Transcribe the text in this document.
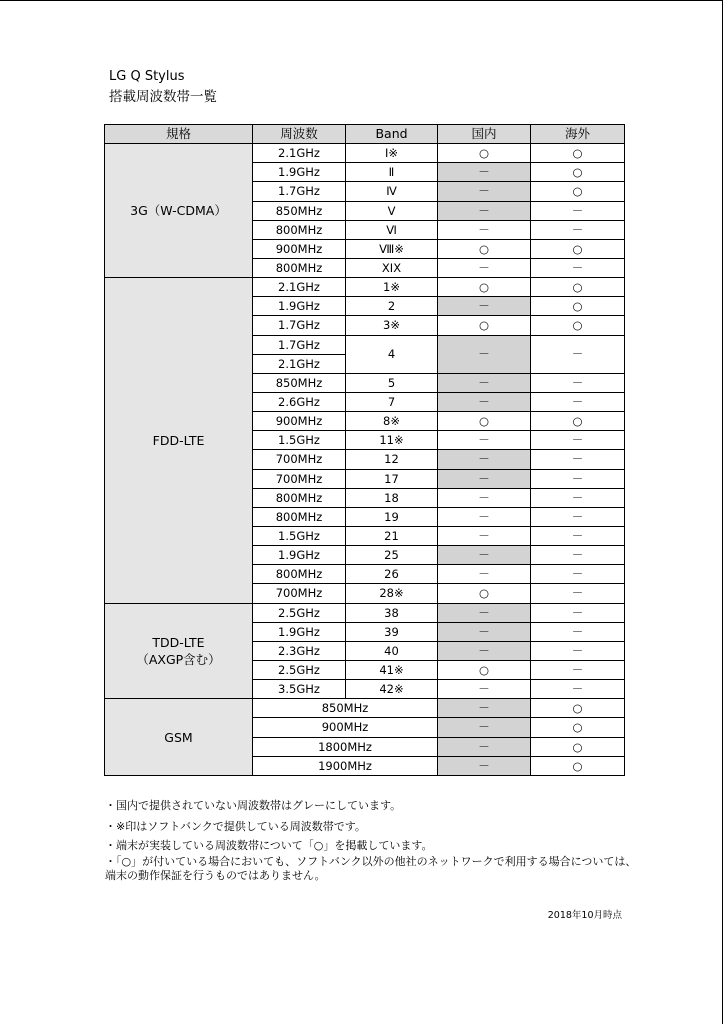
LG Q Stylus
搭載周波数帯一覧
規格	周波数	Band	国内	海外

3G（W-CDMA）	2.1GHz	Ⅰ※	○	○
	1.9GHz	Ⅱ	－	○
	1.7GHz	Ⅳ	－	○
	850MHz	Ⅴ	－	－
	800MHz	Ⅵ	－	－
	900MHz	Ⅷ※	○	○
	800MHz	XIX	－	－

FDD-LTE	2.1GHz	1※	○	○
	1.9GHz	2	－	○
	1.7GHz	3※	○	○
	1.7GHz	4	－	－
	2.1GHz			
	850MHz	5	－	－
	2.6GHz	7	－	－
	900MHz	8※	○	○
	1.5GHz	11※	－	－
	700MHz	12	－	－
	700MHz	17	－	－
	800MHz	18	－	－
	800MHz	19	－	－
	1.5GHz	21	－	－
	1.9GHz	25	－	－
	800MHz	26	－	－
	700MHz	28※	○	－

TDD-LTE
（AXGP含む）	2.5GHz	38	－	－
	1.9GHz	39	－	－
	2.3GHz	40	－	－
	2.5GHz	41※	○	－
	3.5GHz	42※	－	－

GSM	850MHz		－	○
	900MHz		－	○
	1800MHz		－	○
	1900MHz		－	○
・国内で提供されていない周波数帯はグレーにしています。
・※印はソフトバンクで提供している周波数帯です。
・端末が実装している周波数帯について「○」を掲載しています。
・「○」が付いている場合においても、ソフトバンク以外の他社のネットワークで利用する場合については、端末の動作保証を行うものではありません。
2018年10月時点
